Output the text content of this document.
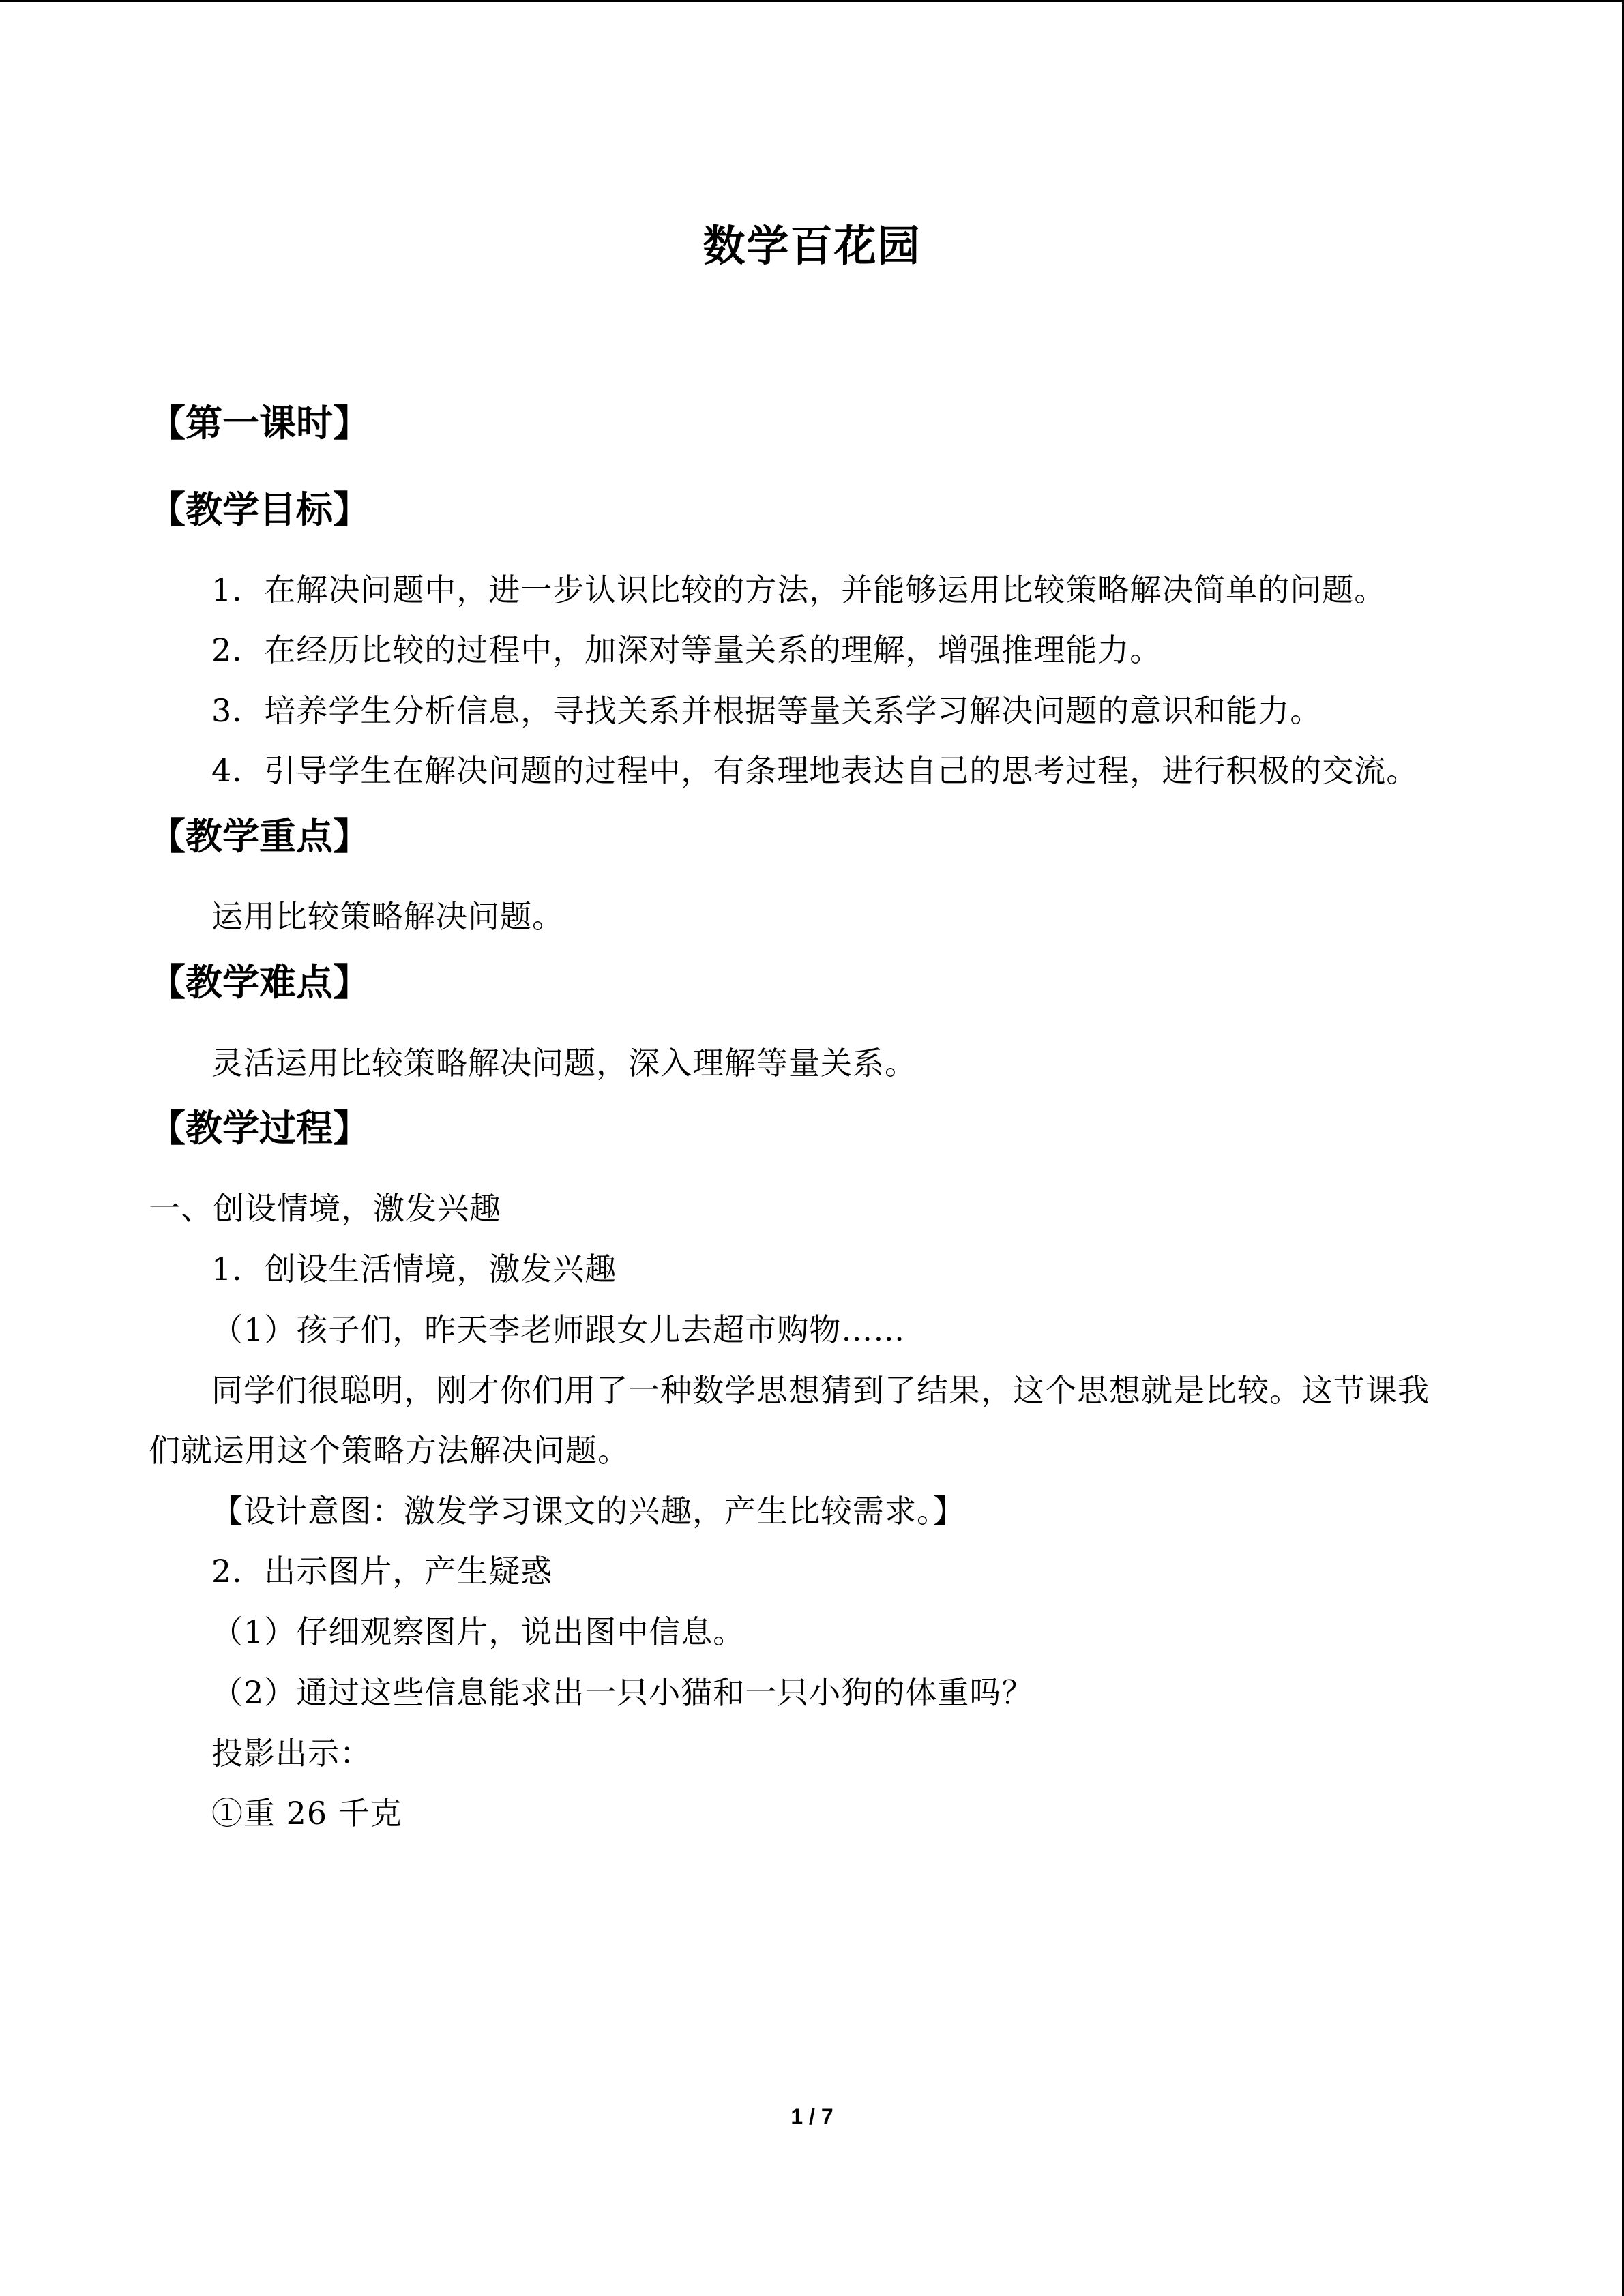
数学百花园
【第一课时】
【教学目标】
1．在解决问题中，进一步认识比较的方法，并能够运用比较策略解决简单的问题。
2．在经历比较的过程中，加深对等量关系的理解，增强推理能力。
3．培养学生分析信息，寻找关系并根据等量关系学习解决问题的意识和能力。
4．引导学生在解决问题的过程中，有条理地表达自己的思考过程，进行积极的交流。
【教学重点】
运用比较策略解决问题。
【教学难点】
灵活运用比较策略解决问题，深入理解等量关系。
【教学过程】
一、创设情境，激发兴趣
1．创设生活情境，激发兴趣
（1）孩子们，昨天李老师跟女儿去超市购物……
同学们很聪明，刚才你们用了一种数学思想猜到了结果，这个思想就是比较。这节课我
们就运用这个策略方法解决问题。
【设计意图：激发学习课文的兴趣，产生比较需求。】
2．出示图片，产生疑惑
（1）仔细观察图片，说出图中信息。
（2）通过这些信息能求出一只小猫和一只小狗的体重吗？
投影出示：
①重 26 千克
1 / 7
